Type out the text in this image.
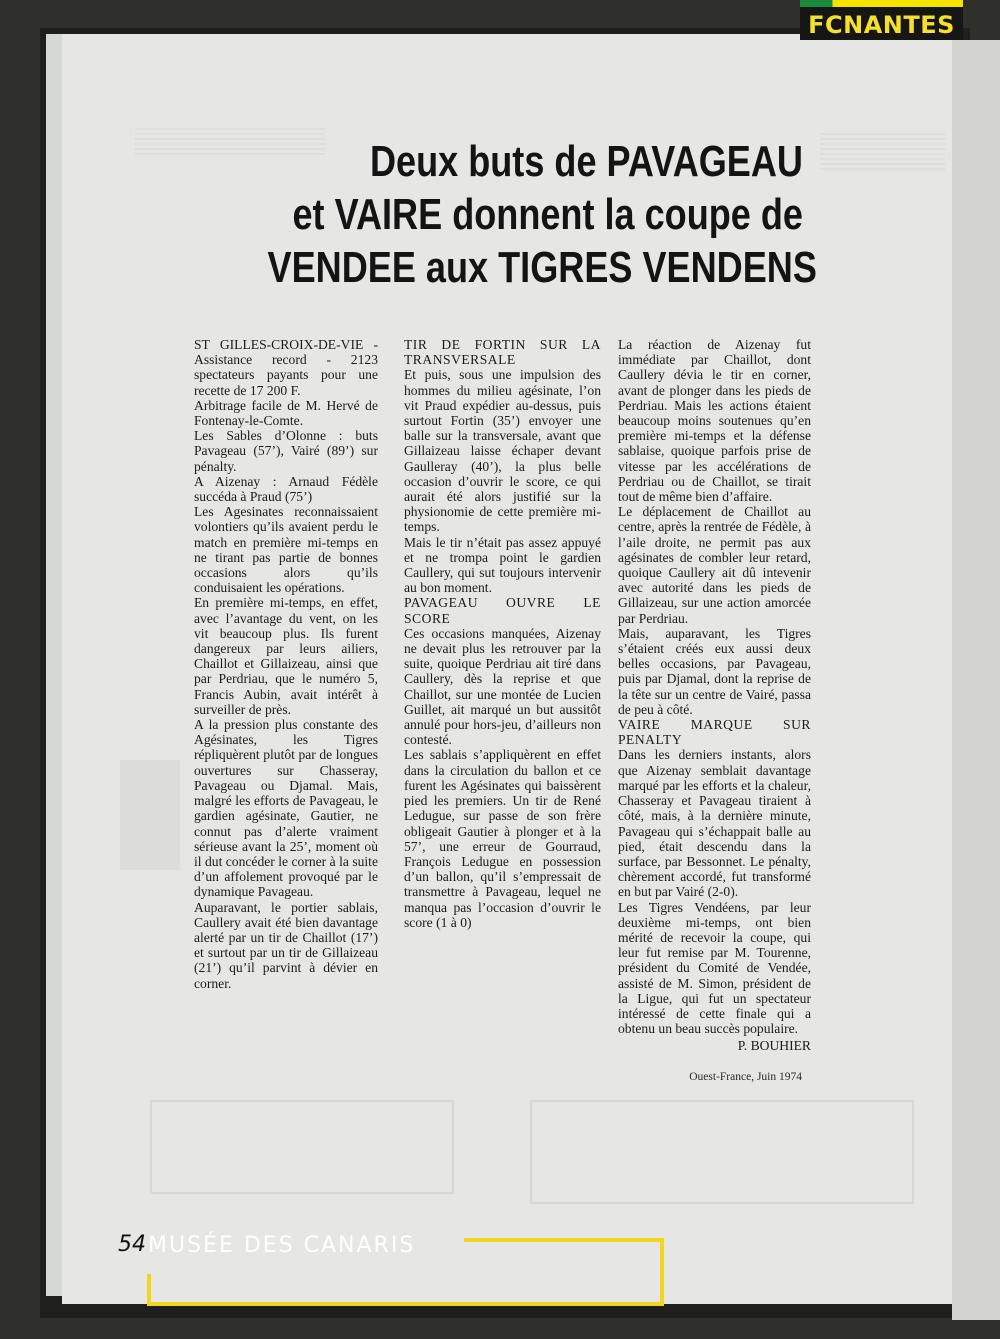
FCNANTES
Deux buts de PAVAGEAU
et VAIRE donnent la coupe de
VENDEE aux TIGRES VENDENS

ST GILLES-CROIX-DE-VIE - Assistance record - 2123 spectateurs payants pour une recette de 17 200 F.

Arbitrage facile de M. Hervé de Fontenay-le-Comte.

Les Sables d’Olonne : buts Pavageau (57’), Vairé (89’) sur pénalty.

A Aizenay : Arnaud Fédèle succéda à Praud (75’)

Les Agesinates reconnaissaient volontiers qu’ils avaient perdu le match en première mi-temps en ne tirant pas partie de bonnes occasions alors qu’ils conduisaient les opérations.

En première mi-temps, en effet, avec l’avantage du vent, on les vit beaucoup plus. Ils furent dangereux par leurs ailiers, Chaillot et Gillaizeau, ainsi que par Perdriau, que le numéro 5, Francis Aubin, avait intérêt à surveiller de près.

A la pression plus constante des Agésinates, les Tigres répliquèrent plutôt par de longues ouvertures sur Chasseray, Pavageau ou Djamal. Mais, malgré les efforts de Pavageau, le gardien agésinate, Gautier, ne connut pas d’alerte vraiment sérieuse avant la 25’, moment où il dut concéder le corner à la suite d’un affolement provoqué par le dynamique Pavageau.

Auparavant, le portier sablais, Caullery avait été bien davantage alerté par un tir de Chaillot (17’) et surtout par un tir de Gillaizeau (21’) qu’il parvint à dévier en corner.

TIR DE FORTIN SUR LA TRANSVERSALE

Et puis, sous une impulsion des hommes du milieu agésinate, l’on vit Praud expédier au-dessus, puis surtout Fortin (35’) envoyer une balle sur la transversale, avant que Gillaizeau laisse échaper devant Gaulleray (40’), la plus belle occasion d’ouvrir le score, ce qui aurait été alors justifié sur la physionomie de cette première mi-temps.

Mais le tir n’était pas assez appuyé et ne trompa point le gardien Caullery, qui sut toujours intervenir au bon moment.

PAVAGEAU OUVRE LE SCORE

Ces occasions manquées, Aizenay ne devait plus les retrouver par la suite, quoique Perdriau ait tiré dans Caullery, dès la reprise et que Chaillot, sur une montée de Lucien Guillet, ait marqué un but aussitôt annulé pour hors-jeu, d’ailleurs non contesté.

Les sablais s’appliquèrent en effet dans la circulation du ballon et ce furent les Agésinates qui baissèrent pied les premiers. Un tir de René Ledugue, sur passe de son frère obligeait Gautier à plonger et à la 57’, une erreur de Gourraud, François Ledugue en possession d’un ballon, qu’il s’empressait de transmettre à Pavageau, lequel ne manqua pas l’occasion d’ouvrir le score (1 à 0)

La réaction de Aizenay fut immédiate par Chaillot, dont Caullery dévia le tir en corner, avant de plonger dans les pieds de Perdriau. Mais les actions étaient beaucoup moins soutenues qu’en première mi-temps et la défense sablaise, quoique parfois prise de vitesse par les accélérations de Perdriau ou de Chaillot, se tirait tout de même bien d’affaire.

Le déplacement de Chaillot au centre, après la rentrée de Fédèle, à l’aile droite, ne permit pas aux agésinates de combler leur retard, quoique Caullery ait dû intevenir avec autorité dans les pieds de Gillaizeau, sur une action amorcée par Perdriau.

Mais, auparavant, les Tigres s’étaient créés eux aussi deux belles occasions, par Pavageau, puis par Djamal, dont la reprise de la tête sur un centre de Vairé, passa de peu à côté.

VAIRE MARQUE SUR PENALTY

Dans les derniers instants, alors que Aizenay semblait davantage marqué par les efforts et la chaleur, Chasseray et Pavageau tiraient à côté, mais, à la dernière minute, Pavageau qui s’échappait balle au pied, était descendu dans la surface, par Bessonnet. Le pénalty, chèrement accordé, fut transformé en but par Vairé (2-0).

Les Tigres Vendéens, par leur deuxième mi-temps, ont bien mérité de recevoir la coupe, qui leur fut remise par M. Tourenne, président du Comité de Vendée, assisté de M. Simon, président de la Ligue, qui fut un spectateur intéressé de cette finale qui a obtenu un beau succès populaire.

P. BOUHIER

Ouest-France, Juin 1974
54 MUSÉE DES CANARIS
